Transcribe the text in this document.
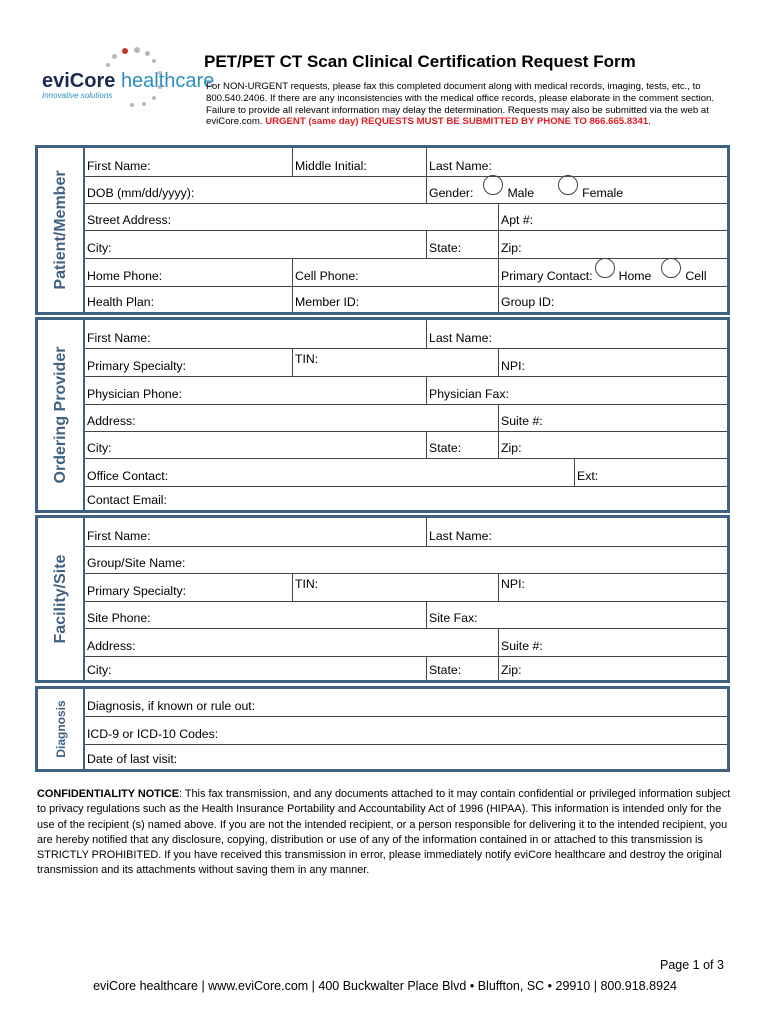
eviCore healthcare
Innovative solutions
PET/PET CT Scan Clinical Certification Request Form
For NON-URGENT requests, please fax this completed document along with medical records, imaging, tests, etc., to 800.540.2406. If there are any inconsistencies with the medical office records, please elaborate in the comment section. Failure to provide all relevant information may delay the determination. Requests may also be submitted via the web at eviCore.com. URGENT (same day) REQUESTS MUST BE SUBMITTED BY PHONE TO 866.665.8341.
Patient/Member
First Name:	Middle Initial:	Last Name:
DOB (mm/dd/yyyy):	Gender:	Male	Female
Street Address:	Apt #:
City:	State:	Zip:
Home Phone:	Cell Phone:	Primary Contact: Home	Cell
Health Plan:	Member ID:	Group ID:
Ordering Provider
First Name:	Last Name:
Primary Specialty:	TIN:	NPI:
Physician Phone:	Physician Fax:
Address:	Suite #:
City:	State:	Zip:
Office Contact:	Ext:
Contact Email:
Facility/Site
First Name:	Last Name:
Group/Site Name:
Primary Specialty:	TIN:	NPI:
Site Phone:	Site Fax:
Address:	Suite #:
City:	State:	Zip:
Diagnosis Diagnosis, if known or rule out:
ICD-9 or ICD-10 Codes:
Date of last visit:
CONFIDENTIALITY NOTICE: This fax transmission, and any documents attached to it may contain confidential or privileged information subject to privacy regulations such as the Health Insurance Portability and Accountability Act of 1996 (HIPAA). This information is intended only for the use of the recipient (s) named above. If you are not the intended recipient, or a person responsible for delivering it to the intended recipient, you are hereby notified that any disclosure, copying, distribution or use of any of the information contained in or attached to this transmission is STRICTLY PROHIBITED. If you have received this transmission in error, please immediately notify eviCore healthcare and destroy the original transmission and its attachments without saving them in any manner.
Page 1 of 3
eviCore healthcare | www.eviCore.com | 400 Buckwalter Place Blvd • Bluffton, SC • 29910 | 800.918.8924
